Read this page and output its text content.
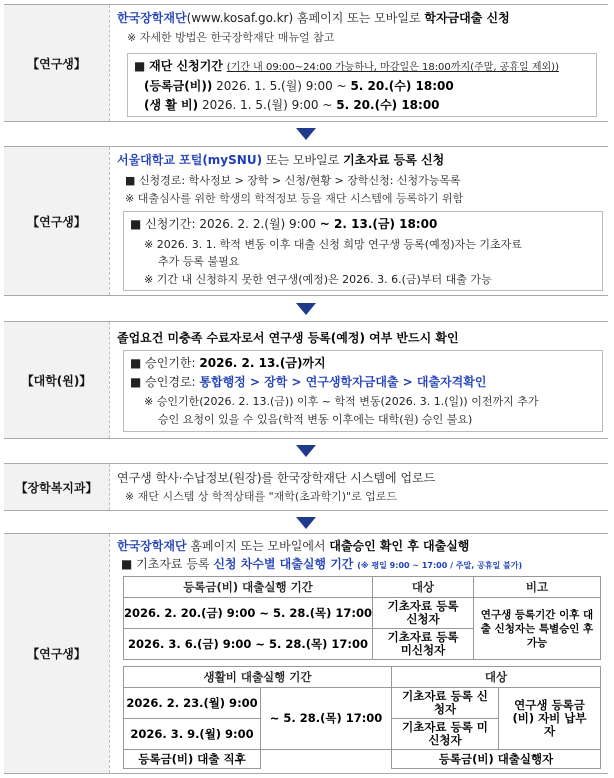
【연구생】
한국장학재단(www.kosaf.go.kr) 홈페이지 또는 모바일로 학자금대출 신청
※ 자세한 방법은 한국장학재단 매뉴얼 참고
■ 재단 신청기간 (기간 내 09:00~24:00 가능하나, 마감일은 18:00까지(주말, 공휴일 제외))
(등록금(비)) 2026. 1. 5.(월) 9:00 ~ 5. 20.(수) 18:00
(생 활 비) 2026. 1. 5.(월) 9:00 ~ 5. 20.(수) 18:00
【연구생】
서울대학교 포털(mySNU) 또는 모바일로 기초자료 등록 신청
■ 신청경로: 학사정보 > 장학 > 신청/현황 > 장학신청: 신청가능목록
※ 대출심사를 위한 학생의 학적정보 등을 재단 시스템에 등록하기 위함
■ 신청기간: 2026. 2. 2.(월) 9:00 ~ 2. 13.(금) 18:00
※ 2026. 3. 1. 학적 변동 이후 대출 신청 희망 연구생 등록(예정)자는 기초자료
추가 등록 불필요
※ 기간 내 신청하지 못한 연구생(예정)은 2026. 3. 6.(금)부터 대출 가능
【대학(원)】
졸업요건 미충족 수료자로서 연구생 등록(예정) 여부 반드시 확인
■ 승인기한: 2026. 2. 13.(금)까지
■ 승인경로: 통합행정 > 장학 > 연구생학자금대출 > 대출자격확인
※ 승인기한(2026. 2. 13.(금)) 이후 ~ 학적 변동(2026. 3. 1.(일)) 이전까지 추가
승인 요청이 있을 수 있음(학적 변동 이후에는 대학(원) 승인 불요)
【장학복지과】
연구생 학사·수납정보(원장)를 한국장학재단 시스템에 업로드
※ 재단 시스템 상 학적상태를 "재학(초과학기)"로 업로드
【연구생】
한국장학재단 홈페이지 또는 모바일에서 대출승인 확인 후 대출실행
■ 기초자료 등록 신청 차수별 대출실행 기간 (※ 평일 9:00 ~ 17:00 / 주말, 공휴일 불가)
등록금(비) 대출실행 기간	대상	비고
2026. 2. 20.(금) 9:00 ~ 5. 28.(목) 17:00	기초자료 등록 신청자	연구생 등록기간 이후 대출 신청자는 특별승인 후 가능
2026. 3. 6.(금) 9:00 ~ 5. 28.(목) 17:00	기초자료 등록 미신청자	
생활비 대출실행 기간		대상	
2026. 2. 23.(월) 9:00	~ 5. 28.(목) 17:00	기초자료 등록 신청자	연구생 등록금(비) 자비 납부자
2026. 3. 9.(월) 9:00		기초자료 등록 미신청자	
등록금(비) 대출 직후		등록금(비) 대출실행자	
